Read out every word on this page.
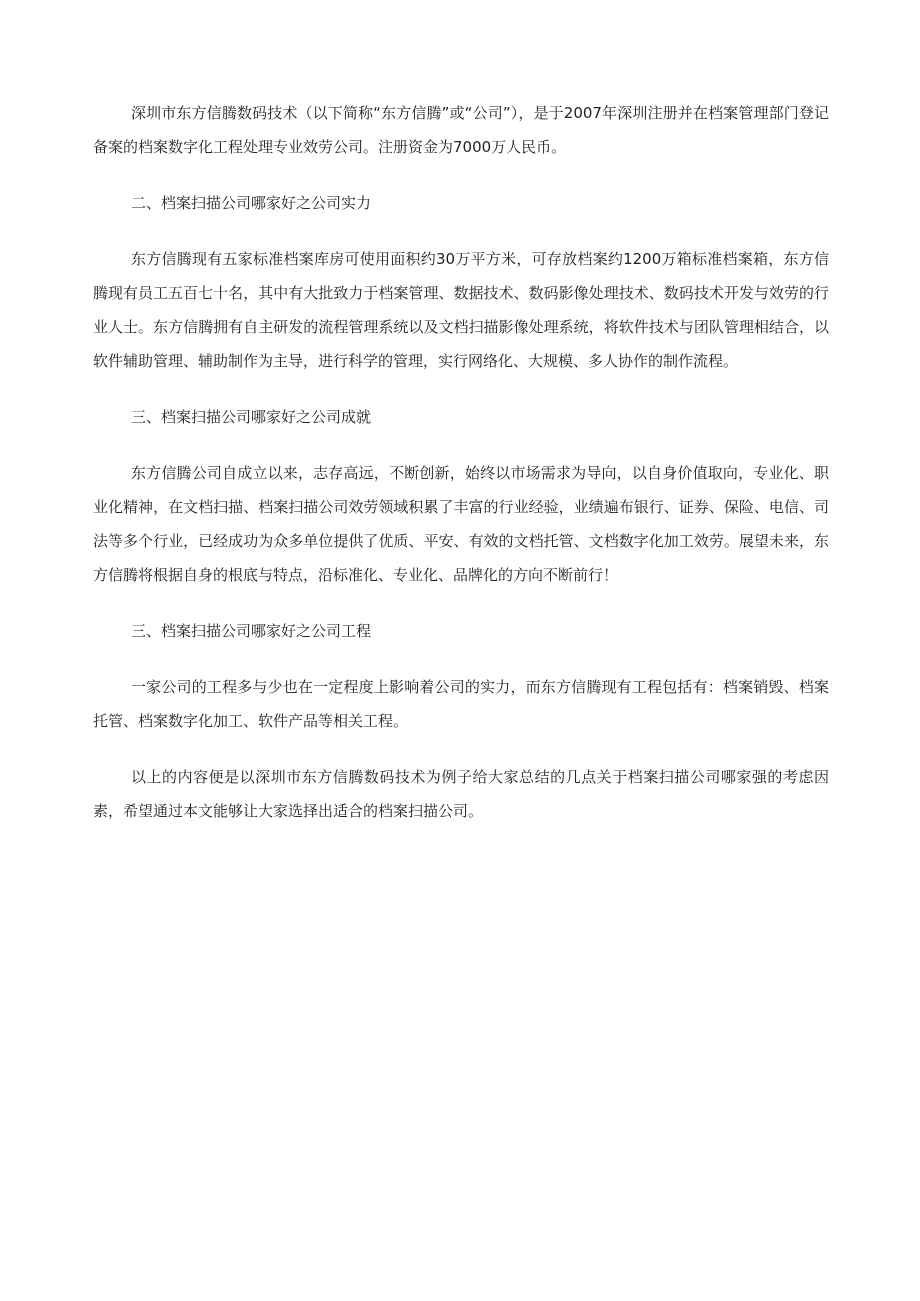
深圳市东方信腾数码技术（以下简称“东方信腾”或“公司”），是于2007年深圳注册并在档案管理部门登记备案的档案数字化工程处理专业效劳公司。注册资金为7000万人民币。

二、档案扫描公司哪家好之公司实力

东方信腾现有五家标准档案库房可使用面积约30万平方米，可存放档案约1200万箱标准档案箱，东方信腾现有员工五百七十名，其中有大批致力于档案管理、数据技术、数码影像处理技术、数码技术开发与效劳的行业人士。东方信腾拥有自主研发的流程管理系统以及文档扫描影像处理系统，将软件技术与团队管理相结合，以软件辅助管理、辅助制作为主导，进行科学的管理，实行网络化、大规模、多人协作的制作流程。

三、档案扫描公司哪家好之公司成就

东方信腾公司自成立以来，志存高远，不断创新，始终以市场需求为导向，以自身价值取向，专业化、职业化精神，在文档扫描、档案扫描公司效劳领域积累了丰富的行业经验，业绩遍布银行、证券、保险、电信、司法等多个行业，已经成功为众多单位提供了优质、平安、有效的文档托管、文档数字化加工效劳。展望未来，东方信腾将根据自身的根底与特点，沿标准化、专业化、品牌化的方向不断前行！

三、档案扫描公司哪家好之公司工程

一家公司的工程多与少也在一定程度上影响着公司的实力，而东方信腾现有工程包括有：档案销毁、档案托管、档案数字化加工、软件产品等相关工程。

以上的内容便是以深圳市东方信腾数码技术为例子给大家总结的几点关于档案扫描公司哪家强的考虑因素，希望通过本文能够让大家选择出适合的档案扫描公司。
